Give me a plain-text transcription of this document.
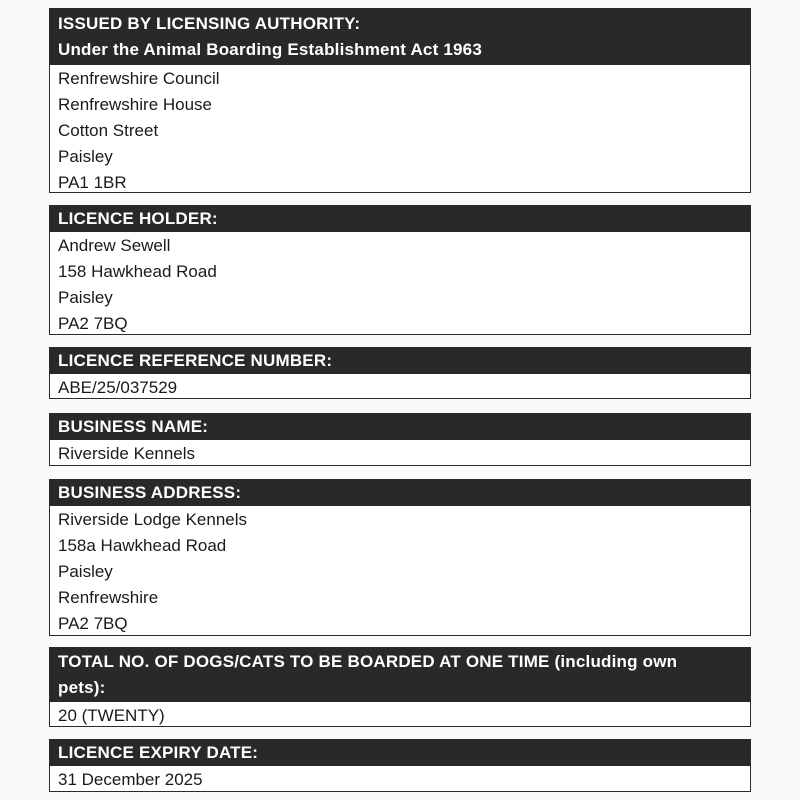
ISSUED BY LICENSING AUTHORITY:
Under the Animal Boarding Establishment Act 1963
Renfrewshire Council
Renfrewshire House
Cotton Street
Paisley
PA1 1BR
LICENCE HOLDER:
Andrew Sewell
158 Hawkhead Road
Paisley
PA2 7BQ
LICENCE REFERENCE NUMBER:
ABE/25/037529
BUSINESS NAME:
Riverside Kennels
BUSINESS ADDRESS:
Riverside Lodge Kennels
158a Hawkhead Road
Paisley
Renfrewshire
PA2 7BQ
TOTAL NO. OF DOGS/CATS TO BE BOARDED AT ONE TIME (including own pets):
20 (TWENTY)
LICENCE EXPIRY DATE:
31 December 2025
